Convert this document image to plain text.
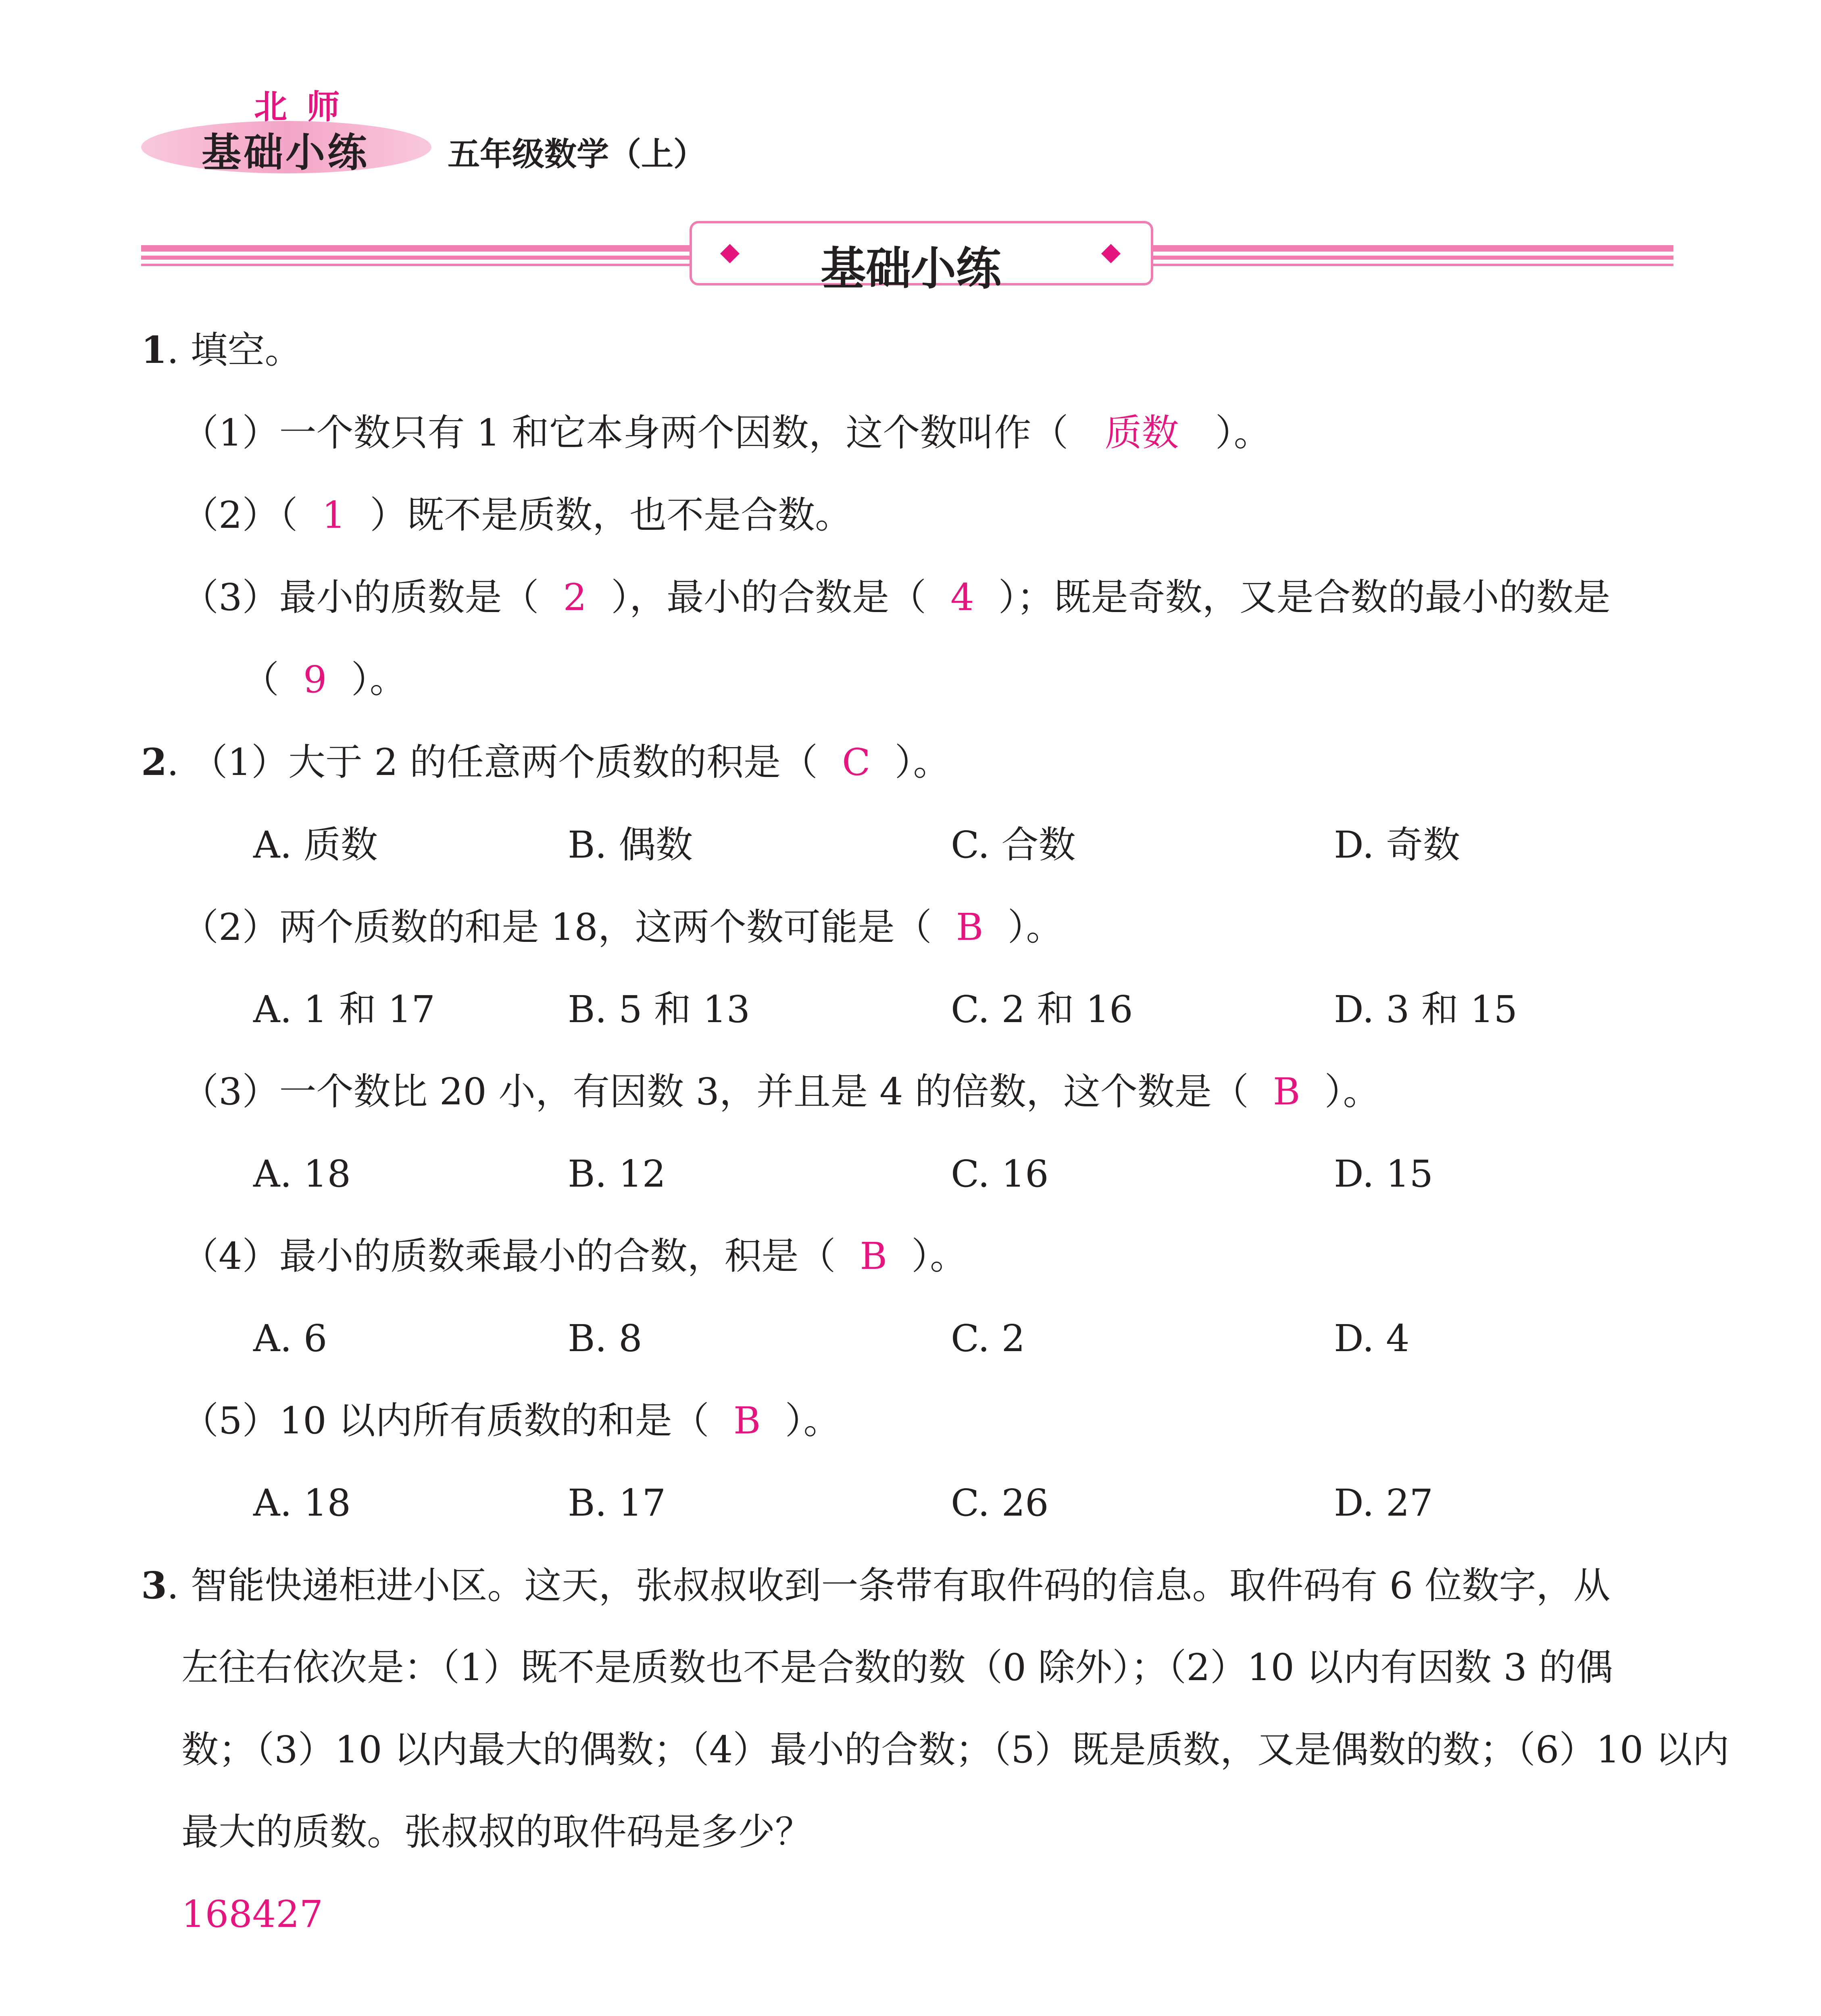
北 师
基础小练 五年级数学（上）
基础小练
1. 填空。
（1）一个数只有 1 和它本身两个因数，这个数叫作（ 质数 ）。
（2）（ 1 ）既不是质数，也不是合数。
（3）最小的质数是（ 2 ），最小的合数是（ 4 ）；既是奇数，又是合数的最小的数是
（ 9 ）。
2. （1）大于 2 的任意两个质数的积是（ C ）。
A. 质数	B. 偶数	C. 合数	D. 奇数
（2）两个质数的和是 18，这两个数可能是（ B ）。
A. 1 和 17	B. 5 和 13	C. 2 和 16	D. 3 和 15
（3）一个数比 20 小，有因数 3，并且是 4 的倍数，这个数是（ B ）。
A. 18	B. 12	C. 16	D. 15
（4）最小的质数乘最小的合数，积是（ B ）。
A. 6	B. 8	C. 2	D. 4
（5）10 以内所有质数的和是（ B ）。
A. 18	B. 17	C. 26	D. 27
3. 智能快递柜进小区。这天，张叔叔收到一条带有取件码的信息。取件码有 6 位数字，从
左往右依次是：（1）既不是质数也不是合数的数（0 除外）；（2）10 以内有因数 3 的偶
数；（3）10 以内最大的偶数；（4）最小的合数；（5）既是质数，又是偶数的数；（6）10 以内
最大的质数。张叔叔的取件码是多少？
168427
